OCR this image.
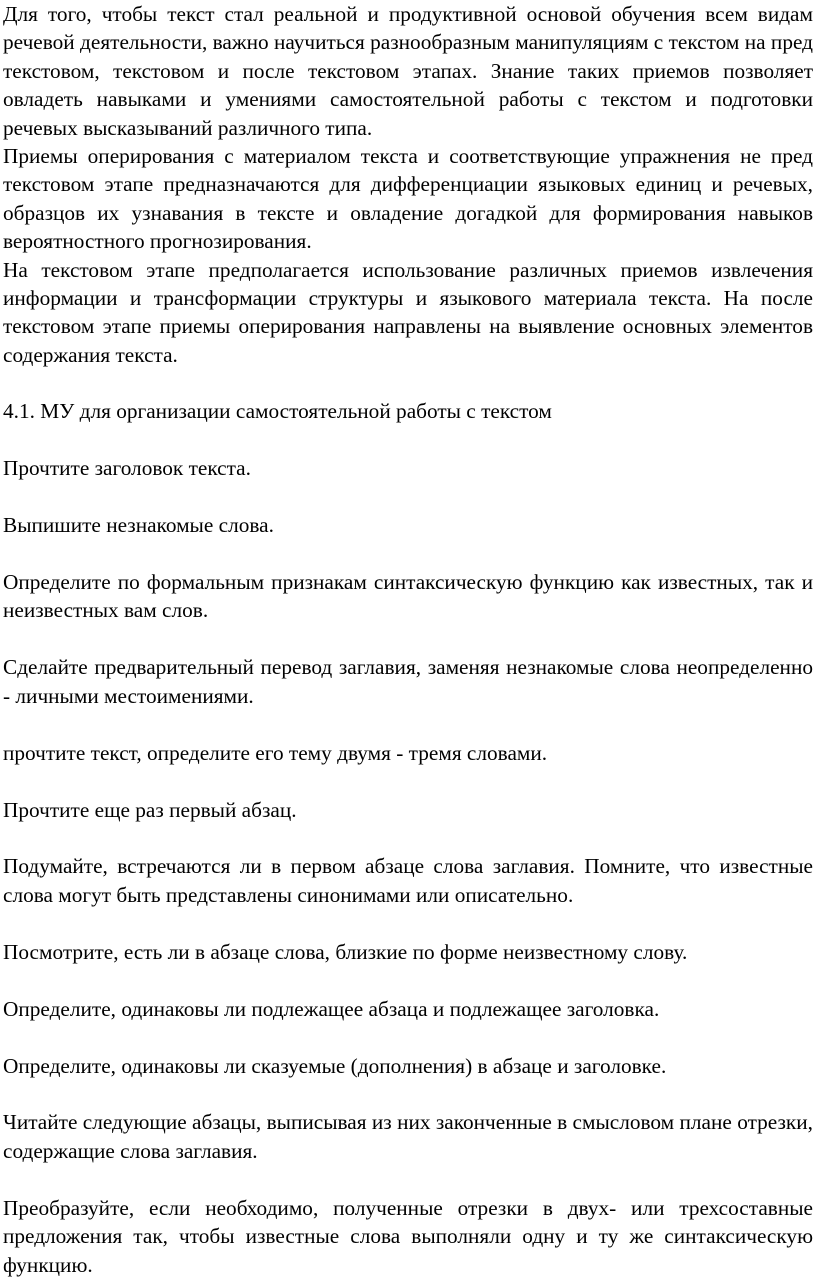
Для того, чтобы текст стал реальной и продуктивной основой обучения всем видам речевой деятельности, важно научиться разнообразным манипуляциям с текстом на пред текстовом, текстовом и после текстовом этапах. Знание таких приемов позволяет овладеть навыками и умениями самостоятельной работы с текстом и подготовки речевых высказываний различного типа.

Приемы оперирования с материалом текста и соответствующие упражнения не пред текстовом этапе предназначаются для дифференциации языковых единиц и речевых, образцов их узнавания в тексте и овладение догадкой для формирования навыков вероятностного прогнозирования.

На текстовом этапе предполагается использование различных приемов извлечения информации и трансформации структуры и языкового материала текста. На после текстовом этапе приемы оперирования направлены на выявление основных элементов содержания текста.

4.1. МУ для организации самостоятельной работы с текстом

Прочтите заголовок текста.

Выпишите незнакомые слова.

Определите по формальным признакам синтаксическую функцию как известных, так и неизвестных вам слов.

Сделайте предварительный перевод заглавия, заменяя незнакомые слова неопределенно - личными местоимениями.

прочтите текст, определите его тему двумя - тремя словами.

Прочтите еще раз первый абзац.

Подумайте, встречаются ли в первом абзаце слова заглавия. Помните, что известные слова могут быть представлены синонимами или описательно.

Посмотрите, есть ли в абзаце слова, близкие по форме неизвестному слову.

Определите, одинаковы ли подлежащее абзаца и подлежащее заголовка.

Определите, одинаковы ли сказуемые (дополнения) в абзаце и заголовке.

Читайте следующие абзацы, выписывая из них законченные в смысловом плане отрезки, содержащие слова заглавия.

Преобразуйте, если необходимо, полученные отрезки в двух- или трехсоставные предложения так, чтобы известные слова выполняли одну и ту же синтаксическую функцию.
